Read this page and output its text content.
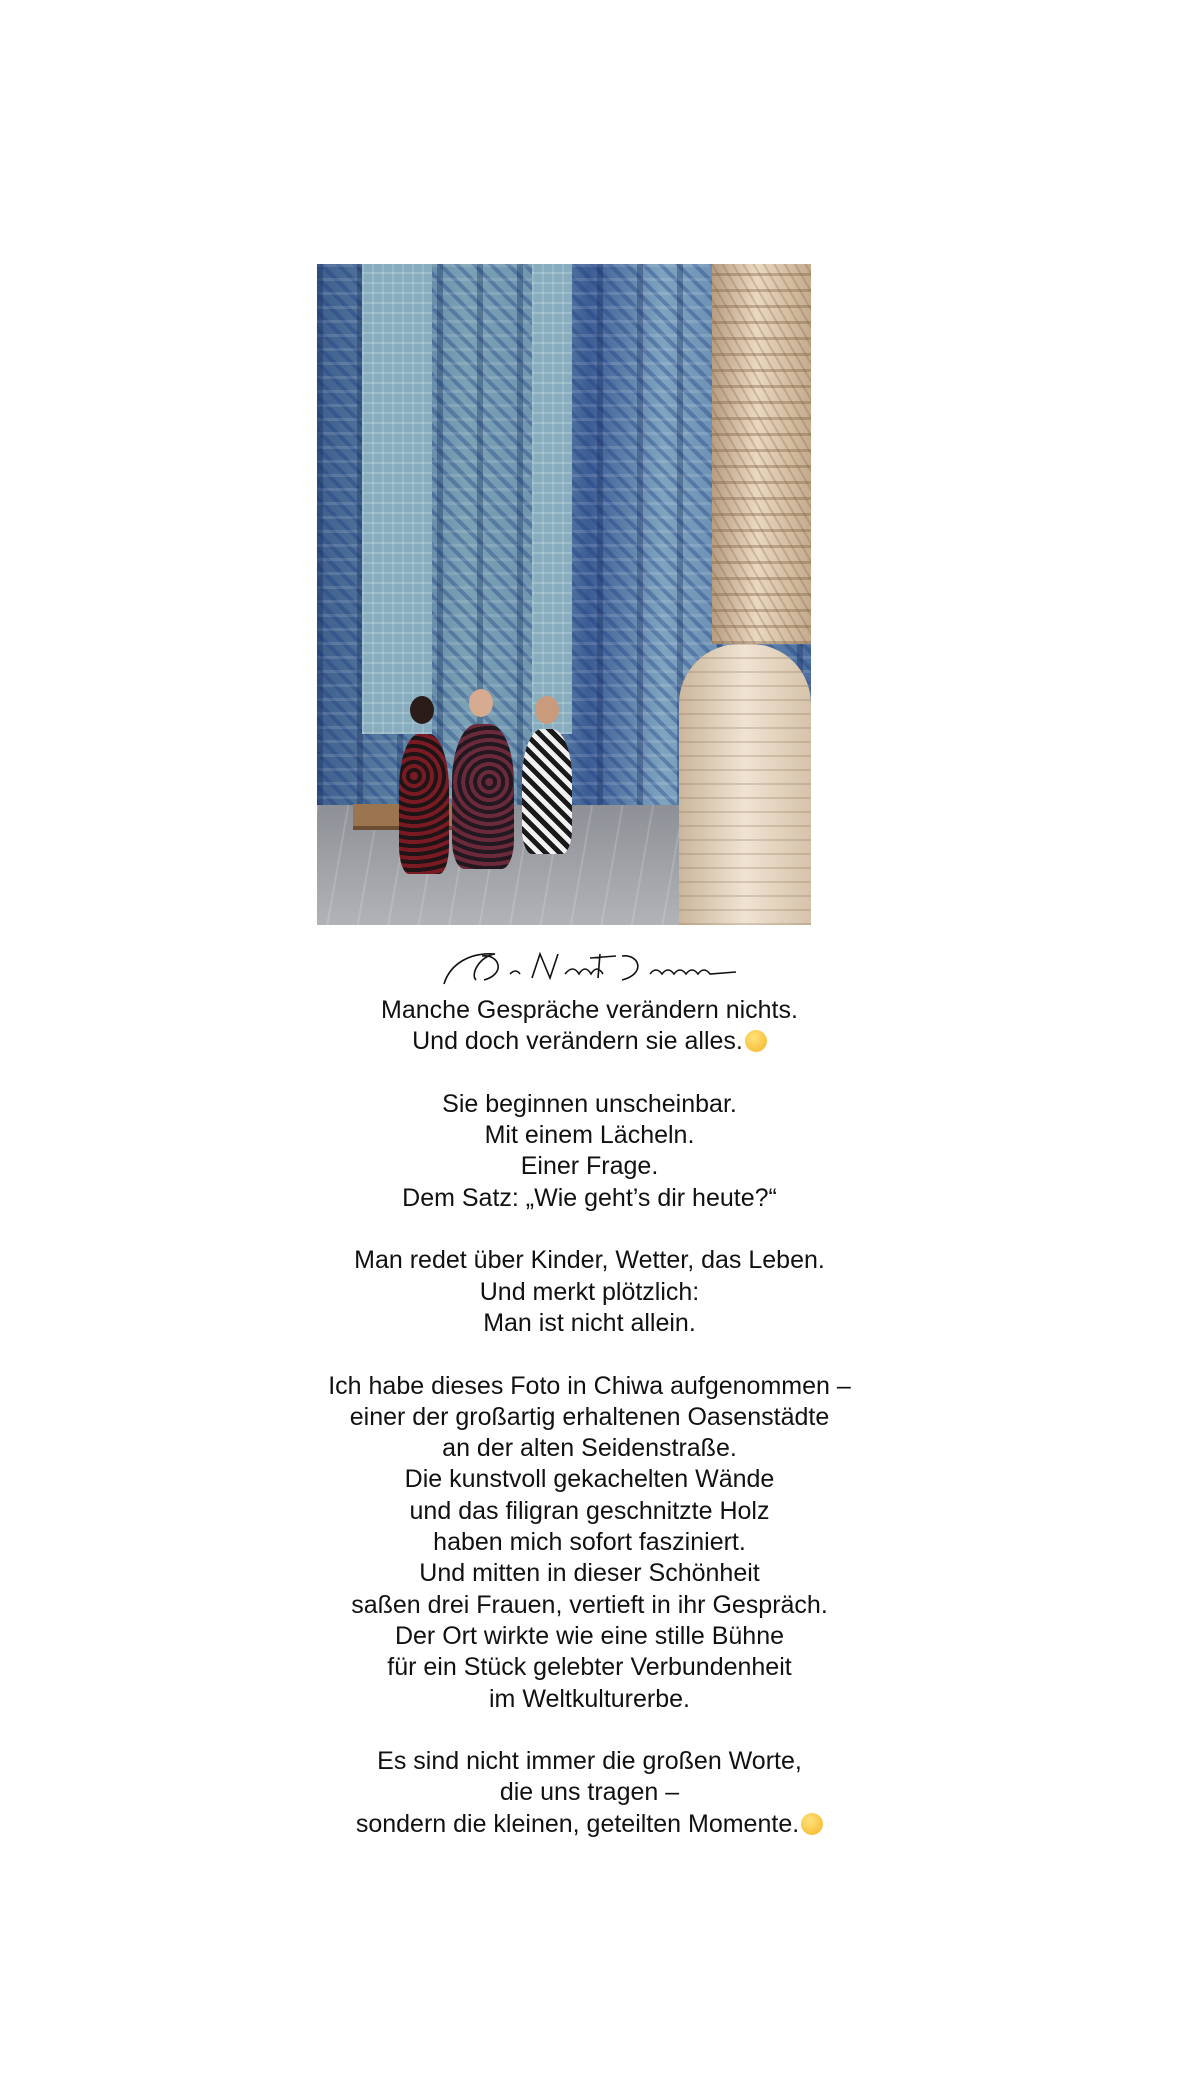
Manche Gespräche verändern nichts.
Und doch verändern sie alles.
Sie beginnen unscheinbar.
Mit einem Lächeln.
Einer Frage.
Dem Satz: „Wie geht’s dir heute?“
Man redet über Kinder, Wetter, das Leben.
Und merkt plötzlich:
Man ist nicht allein.
Ich habe dieses Foto in Chiwa aufgenommen –
einer der großartig erhaltenen Oasenstädte
an der alten Seidenstraße.
Die kunstvoll gekachelten Wände
und das filigran geschnitzte Holz
haben mich sofort fasziniert.
Und mitten in dieser Schönheit
saßen drei Frauen, vertieft in ihr Gespräch.
Der Ort wirkte wie eine stille Bühne
für ein Stück gelebter Verbundenheit
im Weltkulturerbe.
Es sind nicht immer die großen Worte,
die uns tragen –
sondern die kleinen, geteilten Momente.
